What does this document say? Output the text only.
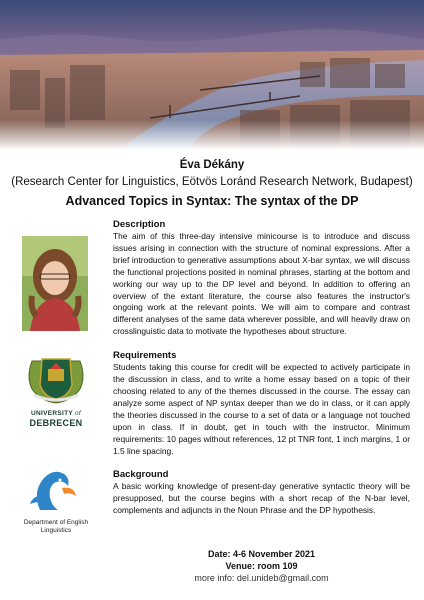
Éva Dékány
(Research Center for Linguistics, Eötvös Loránd Research Network, Budapest)
Advanced Topics in Syntax: The syntax of the DP
UNIVERSITY of
DEBRECEN
Department of English Linguistics

Description

The aim of this three-day intensive minicourse is to introduce and discuss issues arising in connection with the structure of nominal expressions. After a brief introduction to generative assumptions about X-bar syntax, we will discuss the functional projections posited in nominal phrases, starting at the bottom and working our way up to the DP level and beyond. In addition to offering an overview of the extant literature, the course also features the instructor's ongoing work at the relevant points. We will aim to compare and contrast different analyses of the same data wherever possible, and will heavily draw on crosslinguistic data to motivate the hypotheses about structure.

Requirements

Students taking this course for credit will be expected to actively participate in the discussion in class, and to write a home essay based on a topic of their choosing related to any of the themes discussed in the course. The essay can analyze some aspect of NP syntax deeper than we do in class, or it can apply the theories discussed in the course to a set of data or a language not touched upon in class. If in doubt, get in touch with the instructor. Minimum requirements: 10 pages without references, 12 pt TNR font, 1 inch margins, 1 or 1.5 line spacing.

Background

A basic working knowledge of present-day generative syntactic theory will be presupposed, but the course begins with a short recap of the N-bar level, complements and adjuncts in the Noun Phrase and the DP hypothesis.

Date: 4-6 November 2021
Venue: room 109
more info: del.unideb@gmail.com
